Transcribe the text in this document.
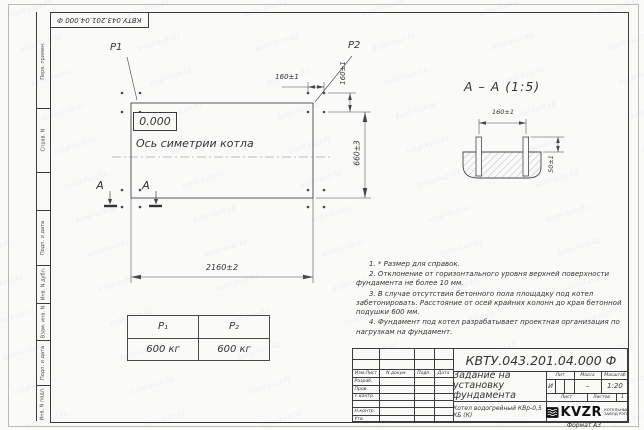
Перв. примен.
Справ. N
Подп. и дата
Инв. N дубл.
Взам. инв. N
Подп. и дата
Инв. N подл.
КВТУ.043.201.04.000 Ф
P1	P2
0.000
Ось симетрии котла
2160±2
660±3
160±1	160±1
А	А
А – А (1:5)
160±1
50±1
P₁	P₂
600 кг	600 кг

1. * Размер для справок.

2. Отклонение от горизонтального уровня верхней поверхности фундамента не более 10 мм.

3. В случае отсутствия бетонного пола площадку под котел забетонировать. Расстояние от осей крайних колонн до края бетонной подушки 600 мм.

4. Фундамент под котел разрабатывает проектная организация по нагрузкам на фундамент.

Изм.Лист	N докум.	Подп.	Дата
Разраб.
Пров.
Т.контр.
Н.контр.
Утв.
КВТУ.043.201.04.000 Ф
Задание на установку фундамента
Котел водогрейный КВр-0,5 КБ (К)
Лит	Масса	Масштаб
И	–	1:20
Лист	Листов	1
KVZR КОТЕЛЬНЫЙ
ЗАВОД РЭП
Формат А3
